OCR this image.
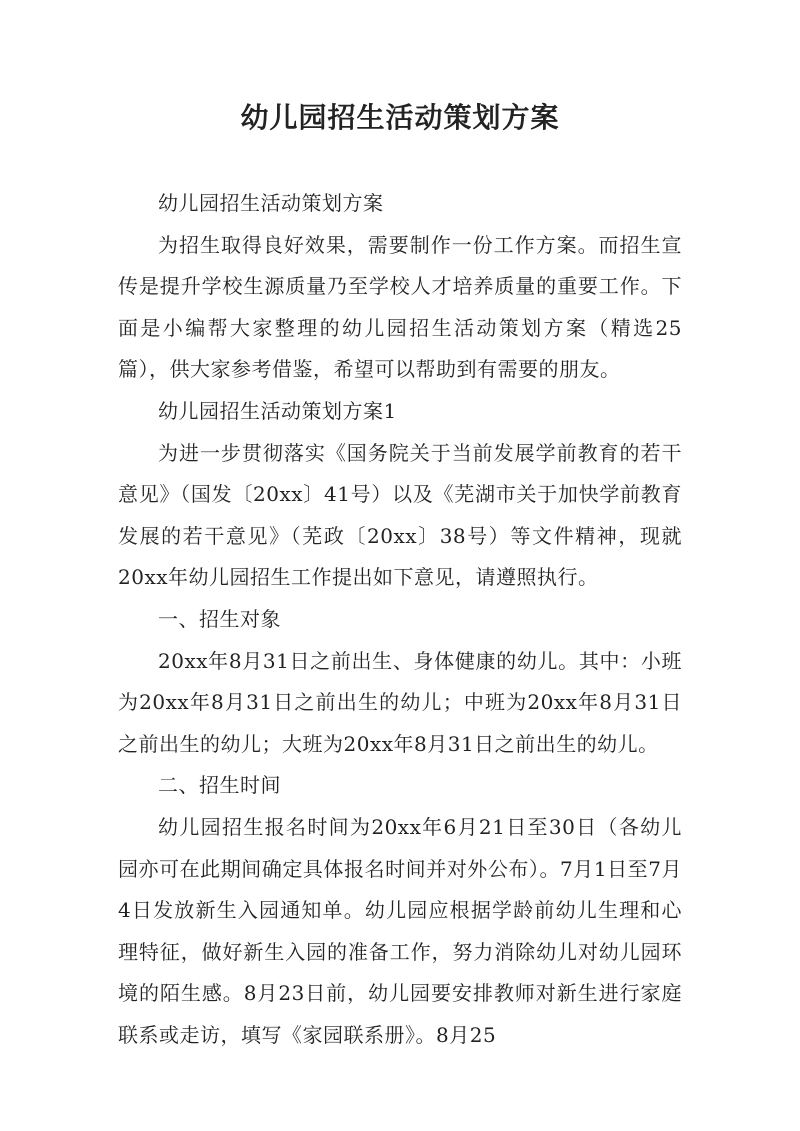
幼儿园招生活动策划方案

幼儿园招生活动策划方案

为招生取得良好效果，需要制作一份工作方案。而招生宣传是提升学校生源质量乃至学校人才培养质量的重要工作。下面是小编帮大家整理的幼儿园招生活动策划方案（精选25篇），供大家参考借鉴，希望可以帮助到有需要的朋友。

幼儿园招生活动策划方案1

为进一步贯彻落实《国务院关于当前发展学前教育的若干意见》（国发〔20xx〕41号）以及《芜湖市关于加快学前教育发展的若干意见》（芜政〔20xx〕38号）等文件精神，现就20xx年幼儿园招生工作提出如下意见，请遵照执行。

一、招生对象

20xx年8月31日之前出生、身体健康的幼儿。其中：小班为20xx年8月31日之前出生的幼儿；中班为20xx年8月31日之前出生的幼儿；大班为20xx年8月31日之前出生的幼儿。

二、招生时间

幼儿园招生报名时间为20xx年6月21日至30日（各幼儿园亦可在此期间确定具体报名时间并对外公布）。7月1日至7月4日发放新生入园通知单。幼儿园应根据学龄前幼儿生理和心理特征，做好新生入园的准备工作，努力消除幼儿对幼儿园环境的陌生感。8月23日前，幼儿园要安排教师对新生进行家庭联系或走访，填写《家园联系册》。8月25
